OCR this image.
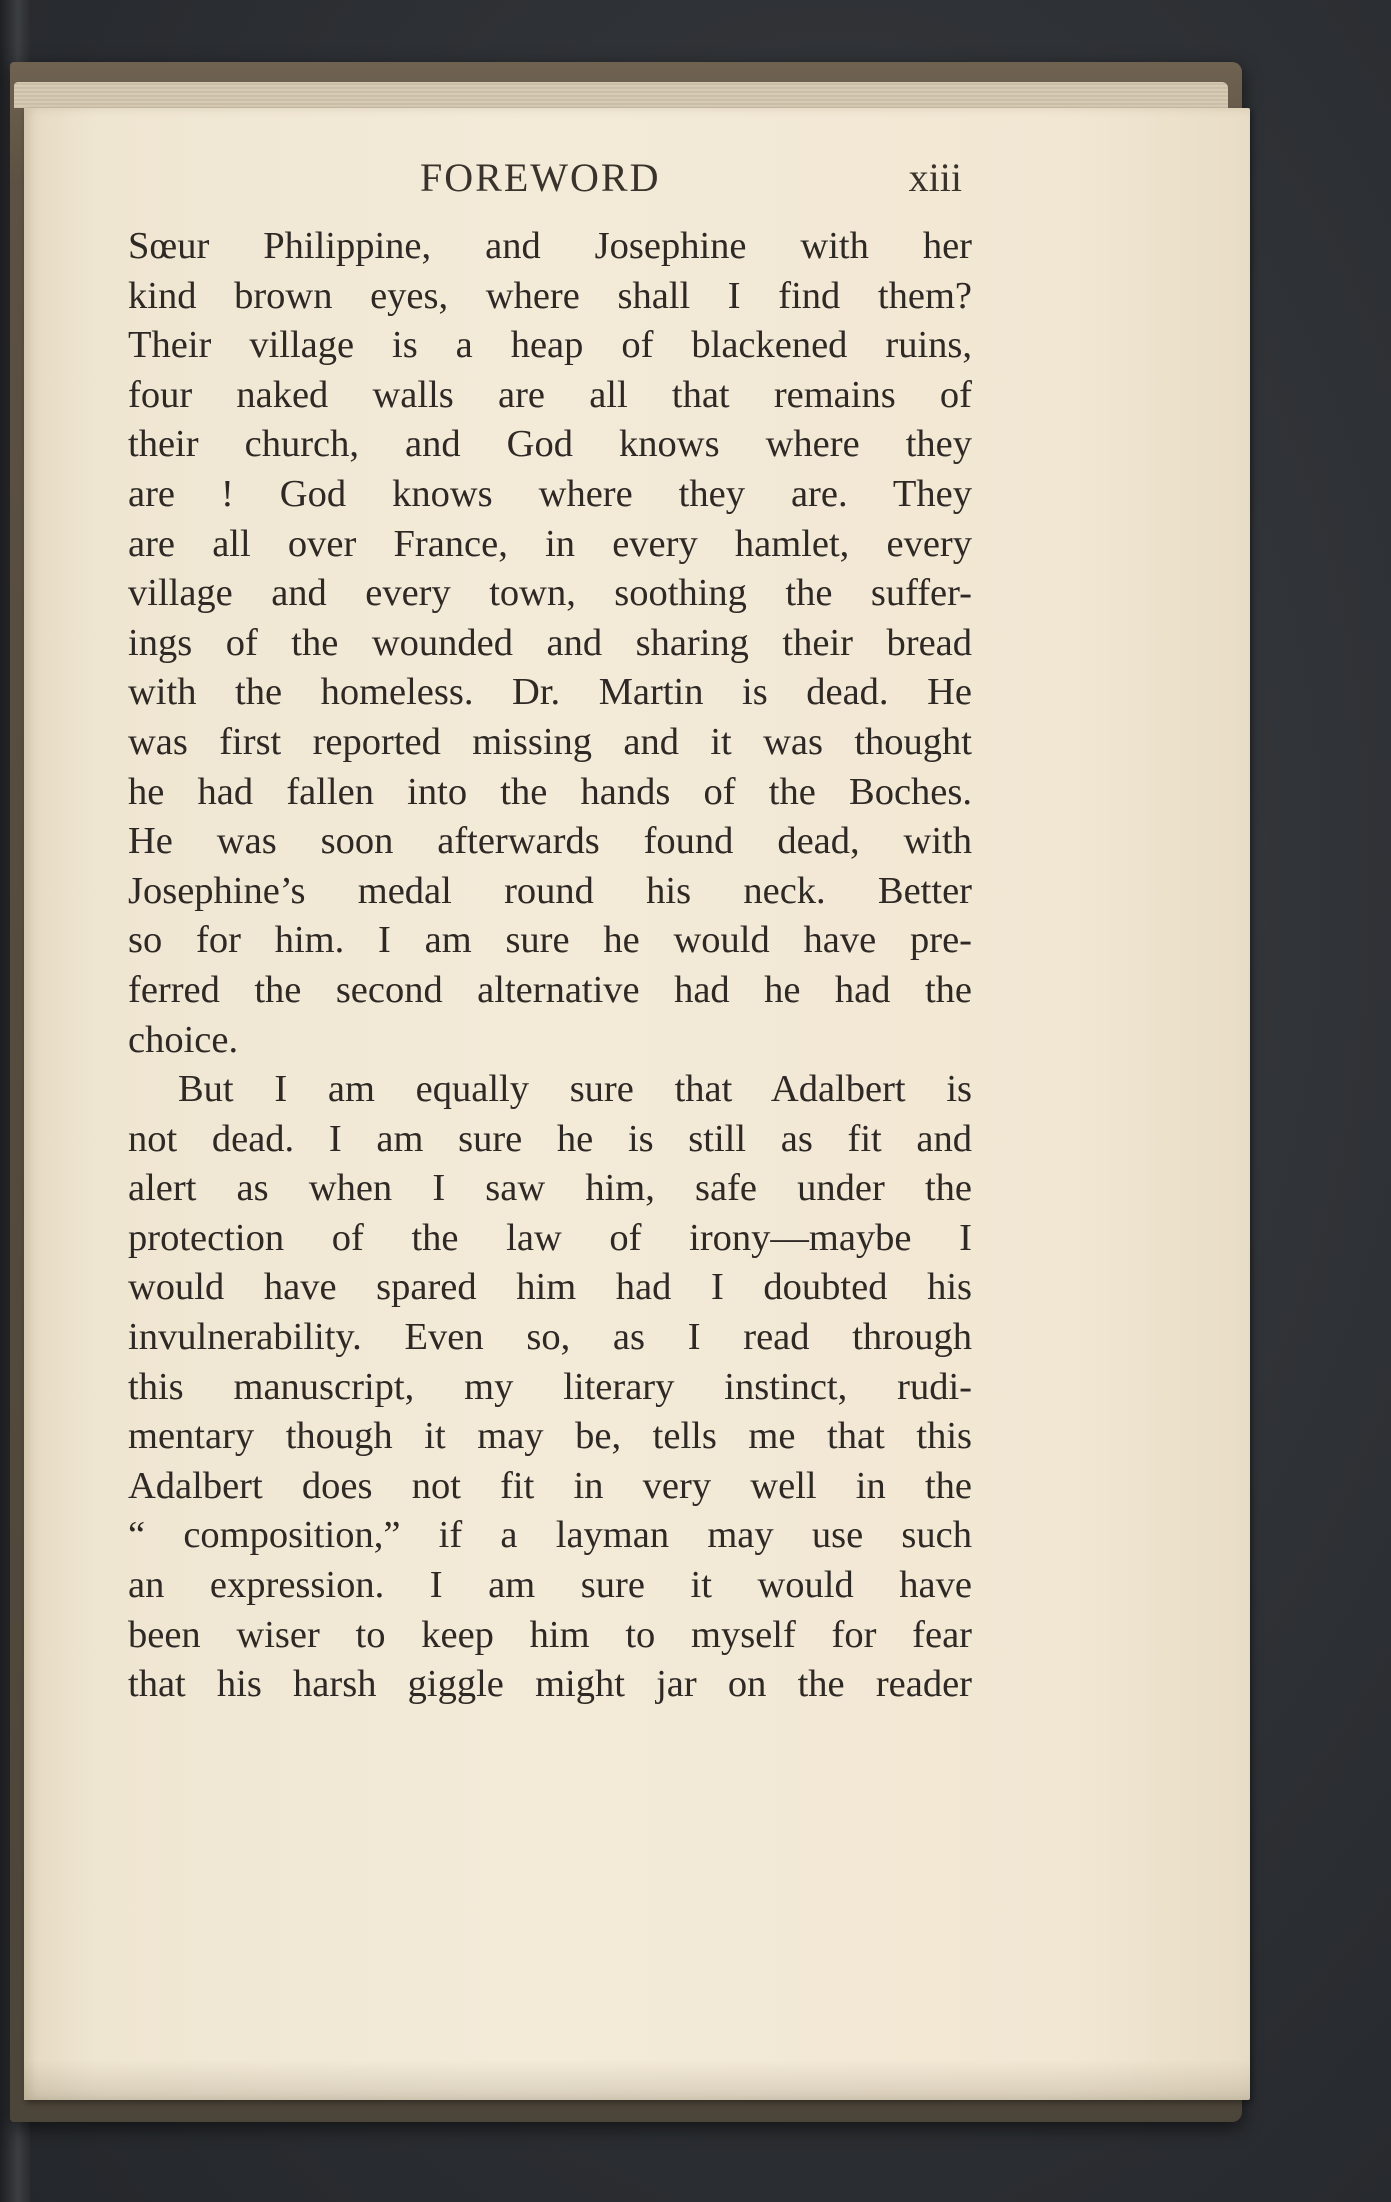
FOREWORD	xiii
Sœur Philippine, and Josephine with her
kind brown eyes, where shall I find them?
Their village is a heap of blackened ruins,
four naked walls are all that remains of
their church, and God knows where they
are ! God knows where they are. They
are all over France, in every hamlet, every
village and every town, soothing the suffer-
ings of the wounded and sharing their bread
with the homeless. Dr. Martin is dead. He
was first reported missing and it was thought
he had fallen into the hands of the Boches.
He was soon afterwards found dead, with
Josephine’s medal round his neck. Better
so for him. I am sure he would have pre-
ferred the second alternative had he had the
choice.
But I am equally sure that Adalbert is
not dead. I am sure he is still as fit and
alert as when I saw him, safe under the
protection of the law of irony—maybe I
would have spared him had I doubted his
invulnerability. Even so, as I read through
this manuscript, my literary instinct, rudi-
mentary though it may be, tells me that this
Adalbert does not fit in very well in the
“ composition,” if a layman may use such
an expression. I am sure it would have
been wiser to keep him to myself for fear
that his harsh giggle might jar on the reader
